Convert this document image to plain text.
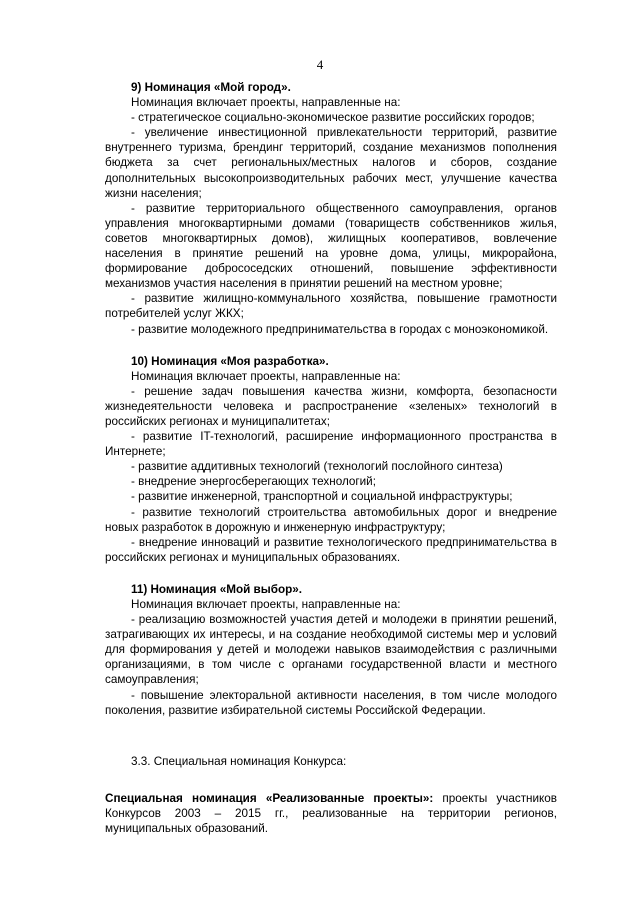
4

9) Номинация «Мой город».

Номинация включает проекты, направленные на:

- стратегическое социально-экономическое развитие российских городов;

- увеличение инвестиционной привлекательности территорий, развитие внутреннего туризма, брендинг территорий, создание механизмов пополнения бюджета за счет региональных/местных налогов и сборов, создание дополнительных высокопроизводительных рабочих мест, улучшение качества жизни населения;

- развитие территориального общественного самоуправления, органов управления многоквартирными домами (товариществ собственников жилья, советов многоквартирных домов), жилищных кооперативов, вовлечение населения в принятие решений на уровне дома, улицы, микрорайона, формирование добрососедских отношений, повышение эффективности механизмов участия населения в принятии решений на местном уровне;

- развитие жилищно-коммунального хозяйства, повышение грамотности потребителей услуг ЖКХ;

- развитие молодежного предпринимательства в городах с моноэкономикой.

10) Номинация «Моя разработка».

Номинация включает проекты, направленные на:

- решение задач повышения качества жизни, комфорта, безопасности жизнедеятельности человека и распространение «зеленых» технологий в российских регионах и муниципалитетах;

- развитие IT-технологий, расширение информационного пространства в Интернете;

- развитие аддитивных технологий (технологий послойного синтеза)

- внедрение энергосберегающих технологий;

- развитие инженерной, транспортной и социальной инфраструктуры;

- развитие технологий строительства автомобильных дорог и внедрение новых разработок в дорожную и инженерную инфраструктуру;

- внедрение инноваций и развитие технологического предпринимательства в российских регионах и муниципальных образованиях.

11) Номинация «Мой выбор».

Номинация включает проекты, направленные на:

- реализацию возможностей участия детей и молодежи в принятии решений, затрагивающих их интересы, и на создание необходимой системы мер и условий для формирования у детей и молодежи навыков взаимодействия с различными организациями, в том числе с органами государственной власти и местного самоуправления;

- повышение электоральной активности населения, в том числе молодого поколения, развитие избирательной системы Российской Федерации.

3.3. Специальная номинация Конкурса:

Специальная номинация «Реализованные проекты»: проекты участников Конкурсов 2003 – 2015 гг., реализованные на территории регионов, муниципальных образований.
